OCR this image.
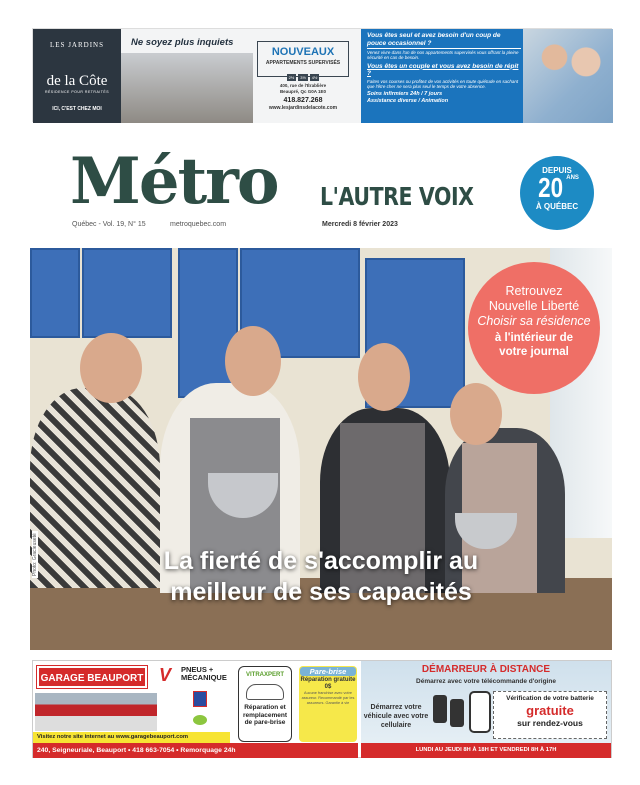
LES JARDINS
de la Côte
RÉSIDENCE POUR RETRAITÉS
ICI, C'EST CHEZ MOI
Ne soyez plus inquiets
NOUVEAUX
APPARTEMENTS SUPERVISÉS
2½ 3½ 4½
400, rue de l'Érablière
Beaupré, Qc G0A 1E0
418.827.268
www.lesjardinsdelacote.com
Vous êtes seul et avez besoin d'un coup de pouce occasionnel ?
Venez vivre dans l'un de nos appartements supervisés vous offrant la pleine sécurité en cas de besoin.
Vous êtes un couple et vous avez besoin de répit ?
Faites vos courses ou profitez de vos activités en toute quiétude en sachant que l'être cher ne sera plus seul le temps de votre absence.
Soins infirmiers 24h / 7 jours
Assistance diverse / Animation
Métro L'AUTRE VOIX
DEPUIS
20 $^{ANS}$
À QUÉBEC
Québec - Vol. 19, N° 15	metroquebec.com	Mercredi 8 février 2023
Retrouvez
Nouvelle Liberté
Choisir sa résidence
à l'intérieur de
votre journal
La fierté de s'accomplir au
meilleur de ses capacités
Photo: Gracieuseté
GARAGE BEAUPORT V PNEUS +
MÉCANIQUE	VITRAXPERT
Réparation et remplacement de pare-brise
Pare-brise
Réparation gratuite 0$
Aucune franchise avec votre assureur. Recommandé par les assureurs. Garantie à vie
Visitez notre site internet au www.garagebeauport.com
240, Seigneuriale, Beauport • 418 663-7054 • Remorquage 24h
DÉMARREUR À DISTANCE
Démarrez avec votre télécommande d'origine
Démarrez votre véhicule avec votre cellulaire
Vérification de votre batterie
gratuite
sur rendez-vous
LUNDI AU JEUDI 8H À 18H ET VENDREDI 8H À 17H
